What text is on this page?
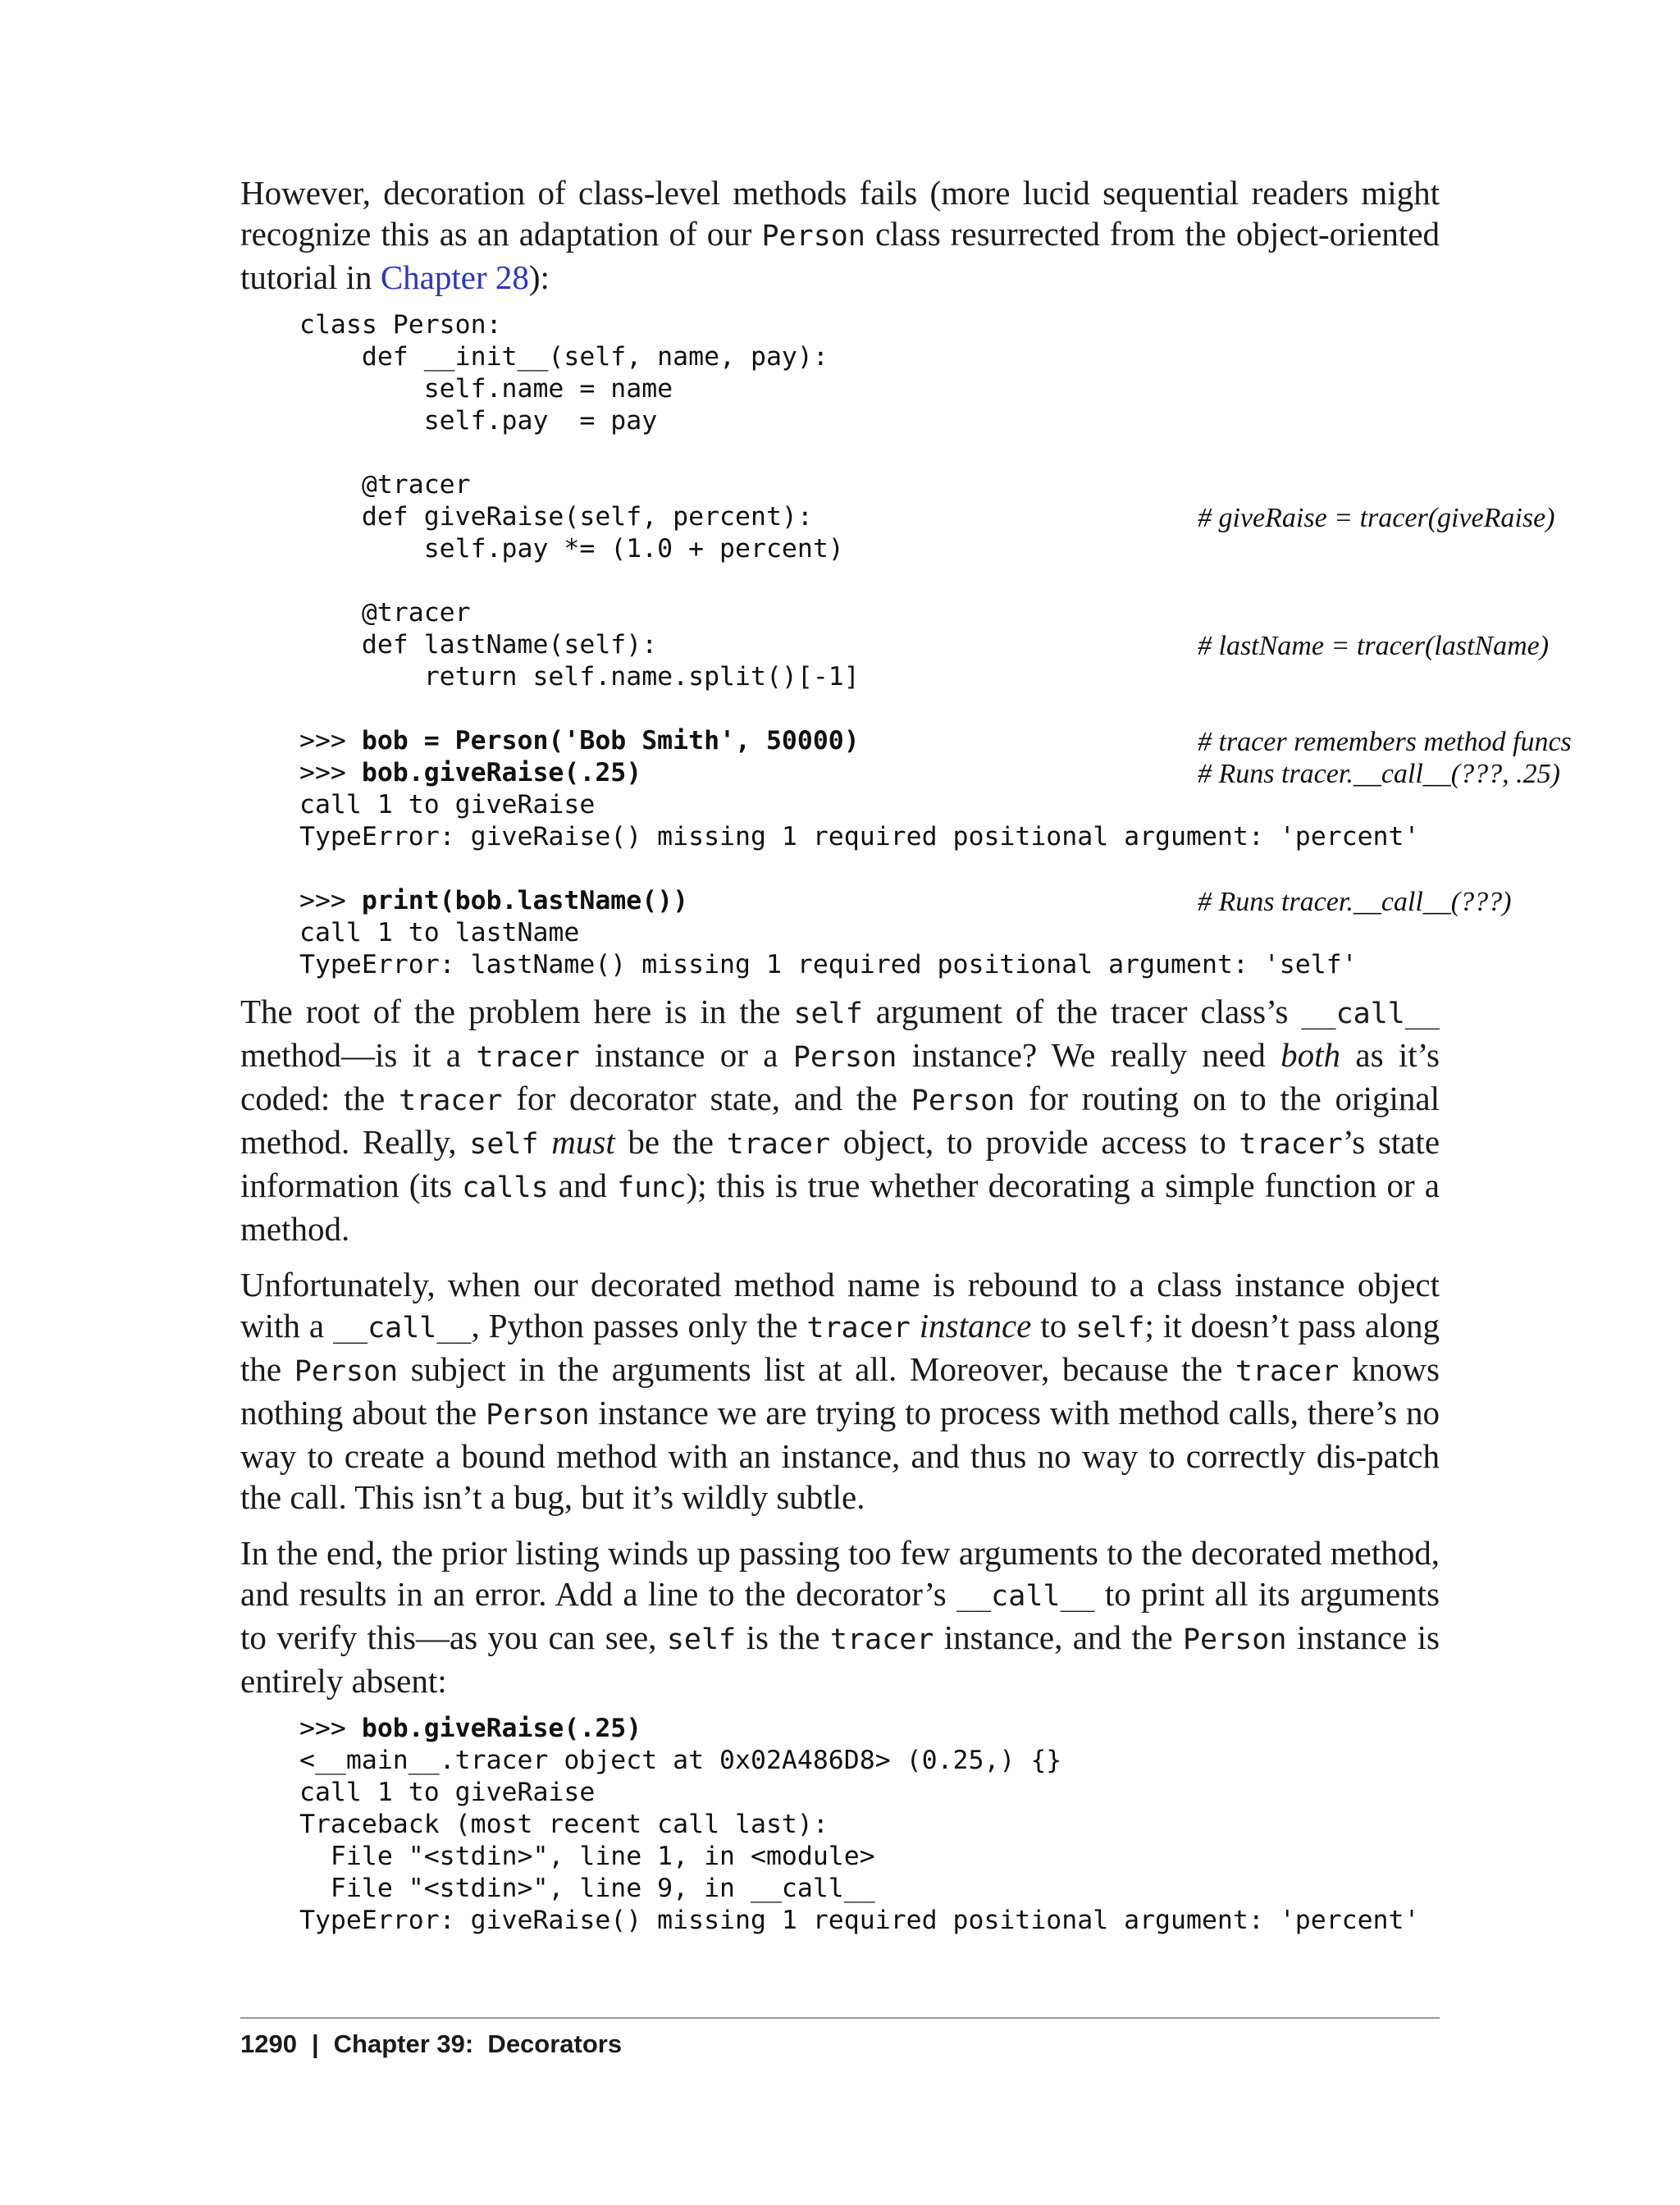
However, decoration of class-level methods fails (more lucid sequential readers might recognize this as an adaptation of our Person class resurrected from the object-oriented tutorial in Chapter 28):

class Person:
def __init__(self, name, pay):
self.name = name
self.pay  = pay

@tracer
def giveRaise(self, percent):	# giveRaise = tracer(giveRaise)

self.pay *= (1.0 + percent)

@tracer
def lastName(self):	# lastName = tracer(lastName)

return self.name.split()[-1]
>>> bob = Person('Bob Smith', 50000)	# tracer remembers method funcs

>>> bob.giveRaise(.25)	# Runs tracer.__call__(???, .25)

call 1 to giveRaise
TypeError: giveRaise() missing 1 required positional argument: 'percent'

>>> print(bob.lastName())	# Runs tracer.__call__(???)

call 1 to lastName
TypeError: lastName() missing 1 required positional argument: 'self'

The root of the problem here is in the self argument of the tracer class’s __call__ method—is it a tracer instance or a Person instance? We really need both as it’s coded: the tracer for decorator state, and the Person for routing on to the original method. Really, self must be the tracer object, to provide access to tracer’s state information (its calls and func); this is true whether decorating a simple function or a method.

Unfortunately, when our decorated method name is rebound to a class instance object with a __call__, Python passes only the tracer instance to self; it doesn’t pass along the Person subject in the arguments list at all. Moreover, because the tracer knows nothing about the Person instance we are trying to process with method calls, there’s no way to create a bound method with an instance, and thus no way to correctly dis-patch the call. This isn’t a bug, but it’s wildly subtle.

In the end, the prior listing winds up passing too few arguments to the decorated method, and results in an error. Add a line to the decorator’s __call__ to print all its arguments to verify this—as you can see, self is the tracer instance, and the Person instance is entirely absent:

>>> bob.giveRaise(.25)
<__main__.tracer object at 0x02A486D8> (0.25,) {}
call 1 to giveRaise
Traceback (most recent call last):
File "<stdin>", line 1, in <module>
File "<stdin>", line 9, in __call__
TypeError: giveRaise() missing 1 required positional argument: 'percent'
1290 | Chapter 39:  Decorators
